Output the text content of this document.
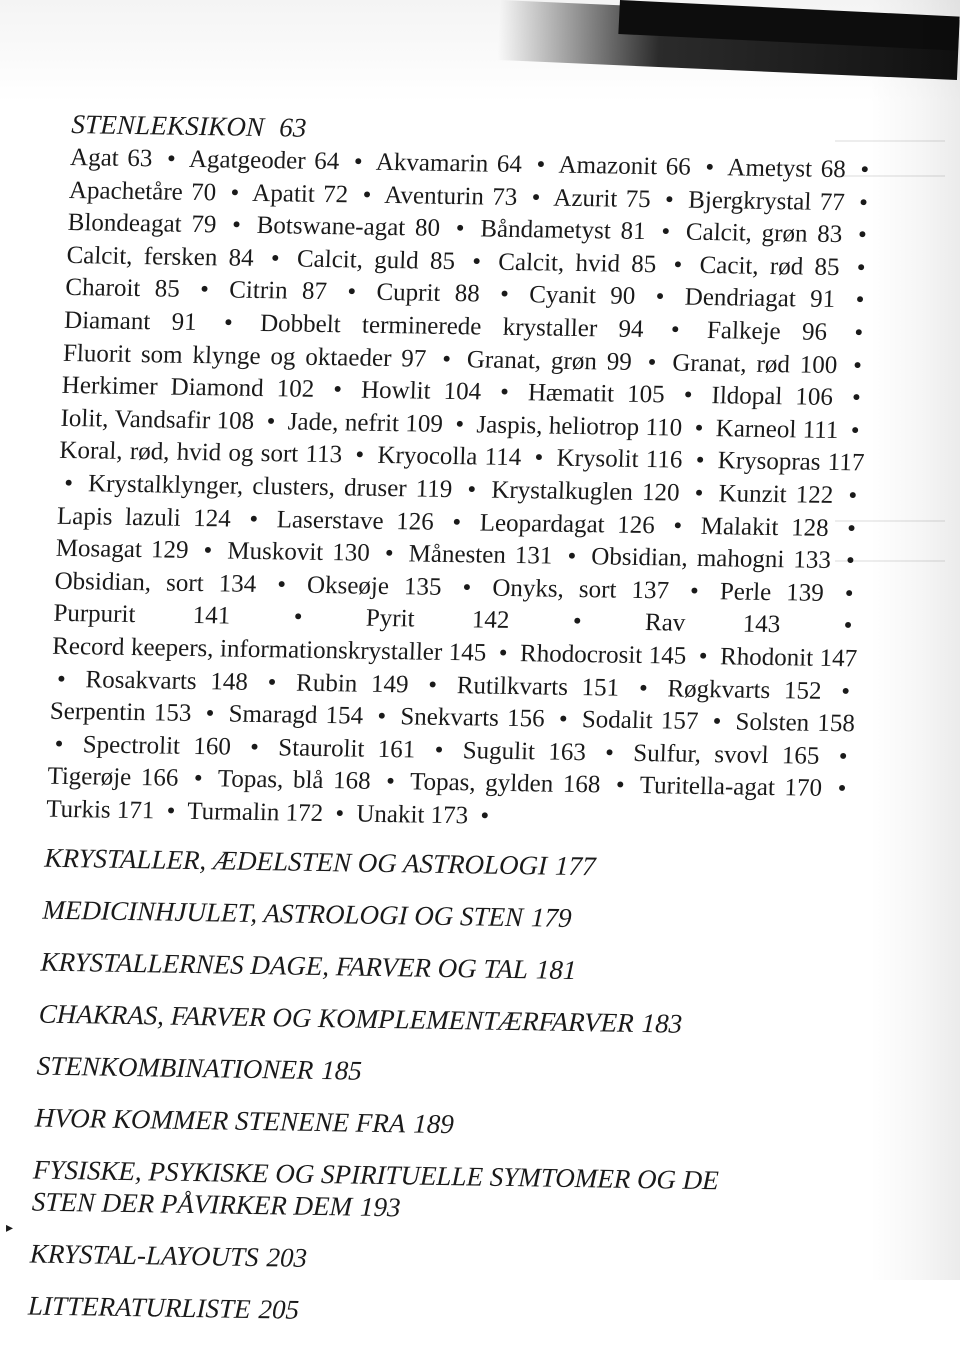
▸
STENLEKSIKON 63
Agat 63 • Agatgeoder 64 • Akvamarin 64 • Amazonit 66 • Ametyst 68 • Apachetåre 70 • Apatit 72 • Aventurin 73 • Azurit 75 • Bjergkrystal 77 • Blondeagat 79 • Botswane-agat 80 • Båndametyst 81 • Calcit, grøn 83 • Calcit, fersken 84 • Calcit, guld 85 • Calcit, hvid 85 • Cacit, rød 85 • Charoit 85 • Citrin 87 • Cuprit 88 • Cyanit 90 • Dendriagat 91 • Diamant 91 • Dobbelt terminerede krystaller 94 • Falkeje 96 • Fluorit som klynge og oktaeder 97 • Granat, grøn 99 • Granat, rød 100 • Herkimer Diamond 102 • Howlit 104 • Hæmatit 105 • Ildopal 106 • Iolit, Vandsafir 108 • Jade, nefrit 109 • Jaspis, heliotrop 110 • Karneol 111 • Koral, rød, hvid og sort 113 • Kryocolla 114 • Krysolit 116 • Krysopras 117 • Krystalklynger, clusters, druser 119 • Krystalkuglen 120 • Kunzit 122 • Lapis lazuli 124 • Laserstave 126 • Leopardagat 126 • Malakit 128 • Mosagat 129 • Muskovit 130 • Månesten 131 • Obsidian, mahogni 133 • Obsidian, sort 134 • Okseøje 135 • Onyks, sort 137 • Perle 139 • Purpurit 141 • Pyrit 142 • Rav 143 • Record keepers, informationskrystaller 145 • Rhodocrosit 145 • Rhodonit 147 • Rosakvarts 148 • Rubin 149 • Rutilkvarts 151 • Røgkvarts 152 • Serpentin 153 • Smaragd 154 • Snekvarts 156 • Sodalit 157 • Solsten 158 • Spectrolit 160 • Staurolit 161 • Sugulit 163 • Sulfur, svovl 165 • Tigerøje 166 • Topas, blå 168 • Topas, gylden 168 • Turitella-agat 170 • Turkis 171 • Turmalin 172 • Unakit 173 •
KRYSTALLER, ÆDELSTEN OG ASTROLOGI 177
MEDICINHJULET, ASTROLOGI OG STEN 179
KRYSTALLERNES DAGE, FARVER OG TAL 181
CHAKRAS, FARVER OG KOMPLEMENTÆRFARVER 183
STENKOMBINATIONER 185
HVOR KOMMER STENENE FRA 189
FYSISKE, PSYKISKE OG SPIRITUELLE SYMTOMER OG DE
STEN DER PÅVIRKER DEM 193
KRYSTAL-LAYOUTS 203
LITTERATURLISTE 205
